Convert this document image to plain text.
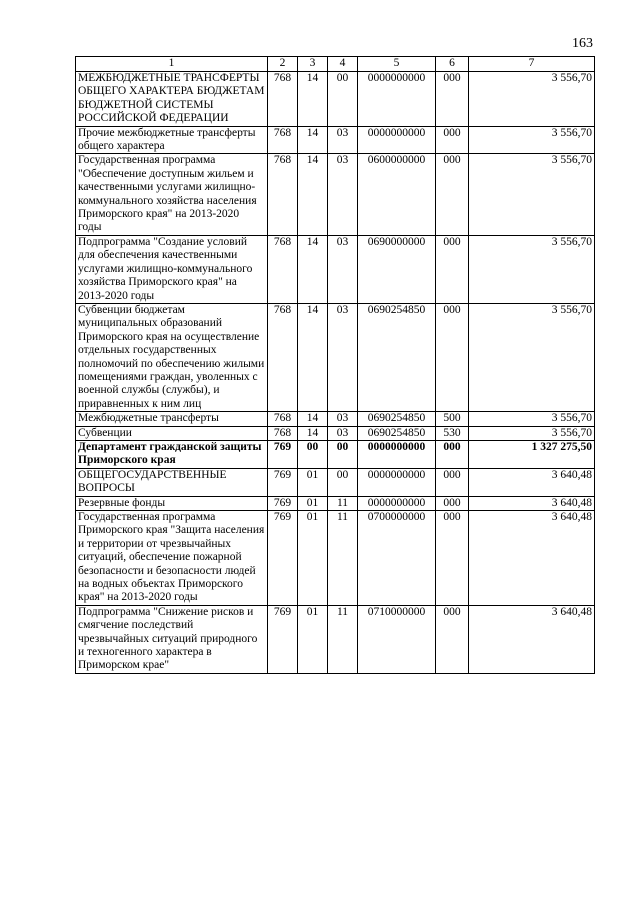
163
1	2	3	4	5	6	7
МЕЖБЮДЖЕТНЫЕ ТРАНСФЕРТЫ ОБЩЕГО ХАРАКТЕРА БЮДЖЕТАМ БЮДЖЕТНОЙ СИСТЕМЫ РОССИЙСКОЙ ФЕДЕРАЦИИ	768	14	00	0000000000	000	3 556,70
Прочие межбюджетные трансферты общего характера	768	14	03	0000000000	000	3 556,70
Государственная программа "Обеспечение доступным жильем и качественными услугами жилищно-коммунального хозяйства населения Приморского края" на 2013-2020 годы	768	14	03	0600000000	000	3 556,70
Подпрограмма "Создание условий для обеспечения качественными услугами жилищно-коммунального хозяйства Приморского края" на 2013-2020 годы	768	14	03	0690000000	000	3 556,70
Субвенции бюджетам муниципальных образований Приморского края на осуществление отдельных государственных полномочий по обеспечению жилыми помещениями граждан, уволенных с военной службы (службы), и приравненных к ним лиц	768	14	03	0690254850	000	3 556,70
Межбюджетные трансферты	768	14	03	0690254850	500	3 556,70
Субвенции	768	14	03	0690254850	530	3 556,70
Департамент гражданской защиты Приморского края	769	00	00	0000000000	000	1 327 275,50
ОБЩЕГОСУДАРСТВЕННЫЕ ВОПРОСЫ	769	01	00	0000000000	000	3 640,48
Резервные фонды	769	01	11	0000000000	000	3 640,48
Государственная программа Приморского края "Защита населения и территории от чрезвычайных ситуаций, обеспечение пожарной безопасности и безопасности людей на водных объектах Приморского края" на 2013-2020 годы	769	01	11	0700000000	000	3 640,48
Подпрограмма "Снижение рисков и смягчение последствий чрезвычайных ситуаций природного и техногенного характера в Приморском крае"	769	01	11	0710000000	000	3 640,48
